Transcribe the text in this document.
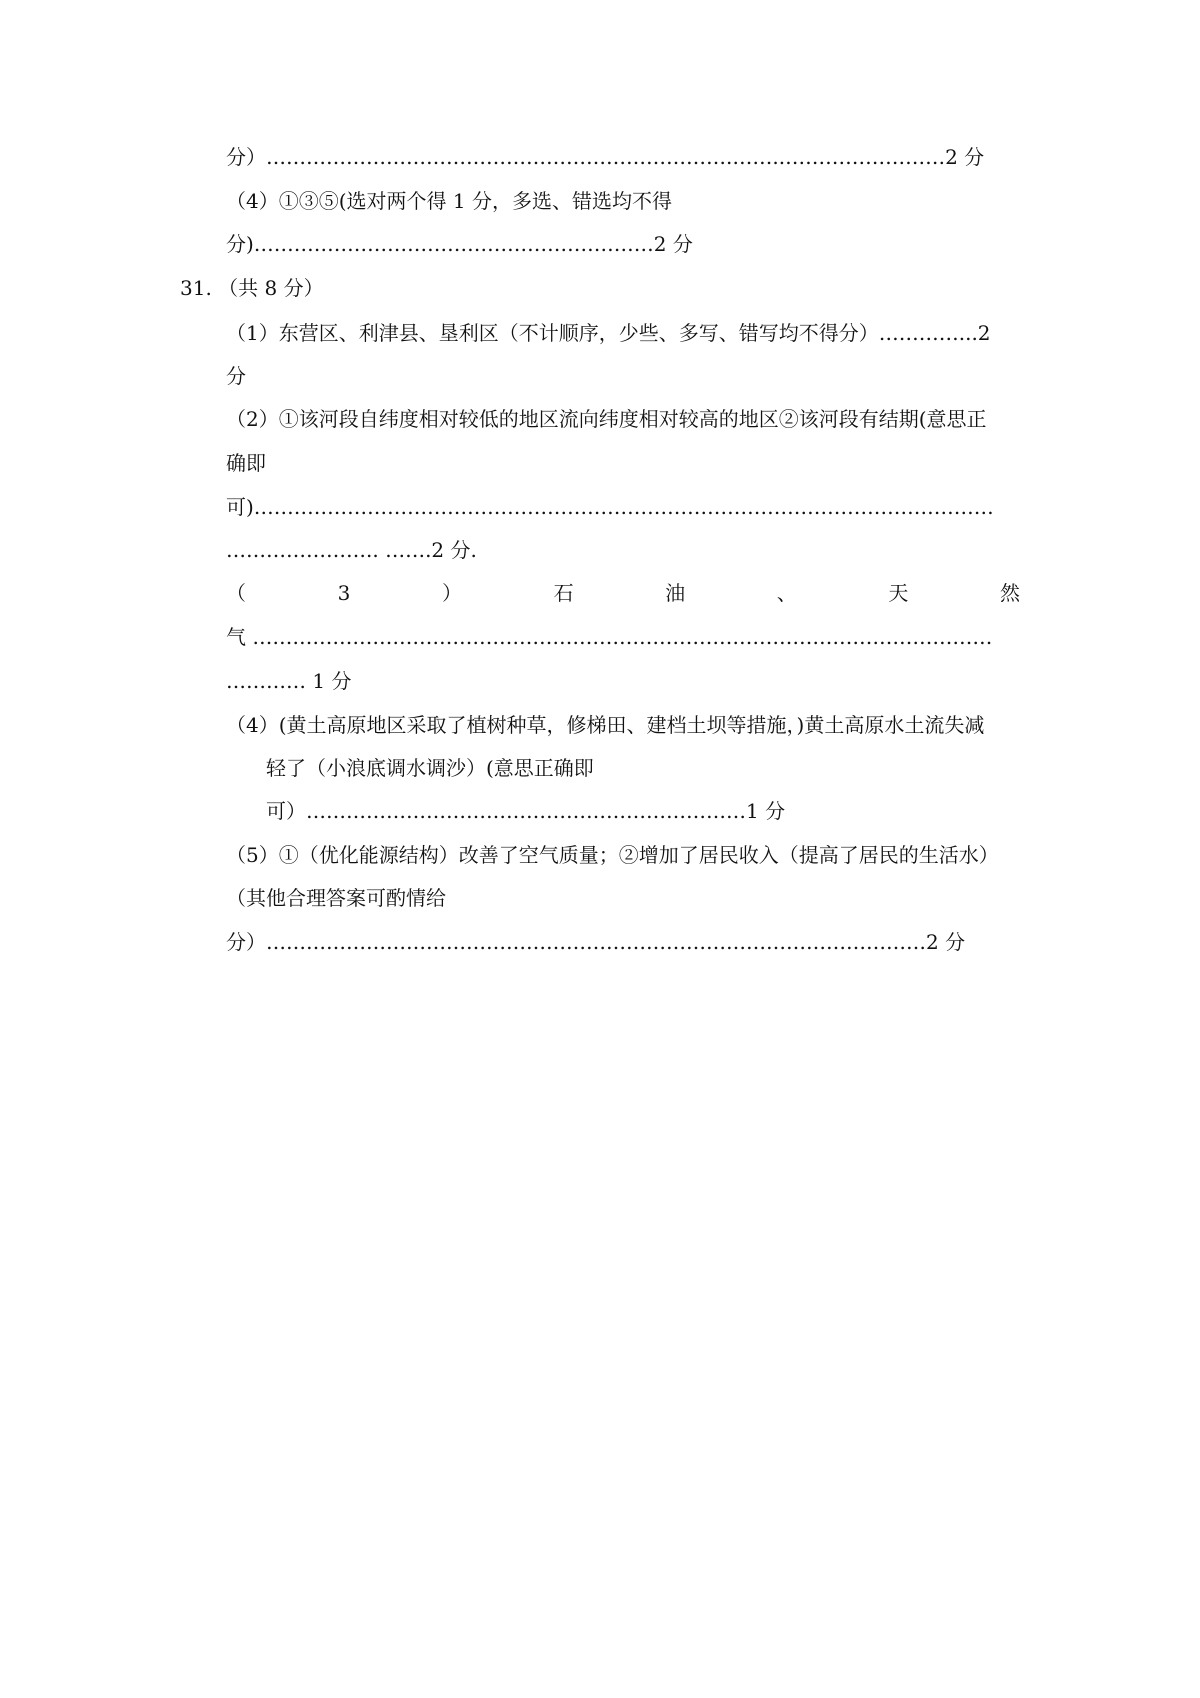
分）…………………………………………………………….……..……………………2 分
（4）①③⑤(选对两个得 1 分，多选、错选均不得
分)……………………………………………………2 分
31. （共 8 分）
（1）东营区、利津县、垦利区（不计顺序，少些、多写、错写均不得分）…………...2
分
（2）①该河段自纬度相对较低的地区流向纬度相对较高的地区②该河段有结期(意思正
确即
可)…………………………………………………………………………………………………
………………….. …….2 分.
（	3	）	石	油	、	天	然
气 …………………………………………………………………………………………………
………… 1 分
（4）(黄土高原地区采取了植树种草，修梯田、建档土坝等措施，)黄土高原水土流失减
轻了（小浪底调水调沙）(意思正确即
可）…………………………………………………………1 分
（5）①（优化能源结构）改善了空气质量；②增加了居民收入（提高了居民的生活水）
（其他合理答案可酌情给
分）………………………………………………………………………………………2 分
